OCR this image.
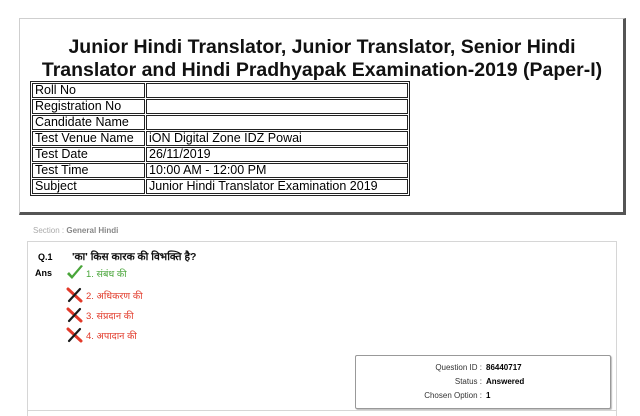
Junior Hindi Translator, Junior Translator, Senior Hindi
Translator and Hindi Pradhyapak Examination-2019 (Paper-I)
Roll No	
Registration No	
Candidate Name	
Test Venue Name	iON Digital Zone IDZ Powai
Test Date	26/11/2019
Test Time	10:00 AM - 12:00 PM
Subject	Junior Hindi Translator Examination 2019
Section : General Hindi
Q.1 'का' किस कारक की विभक्ति है?
Ans	1. संबंध की
2. अधिकरण की
3. संप्रदान की
4. अपादान की
Question ID : 86440717
Status : Answered
Chosen Option : 1
